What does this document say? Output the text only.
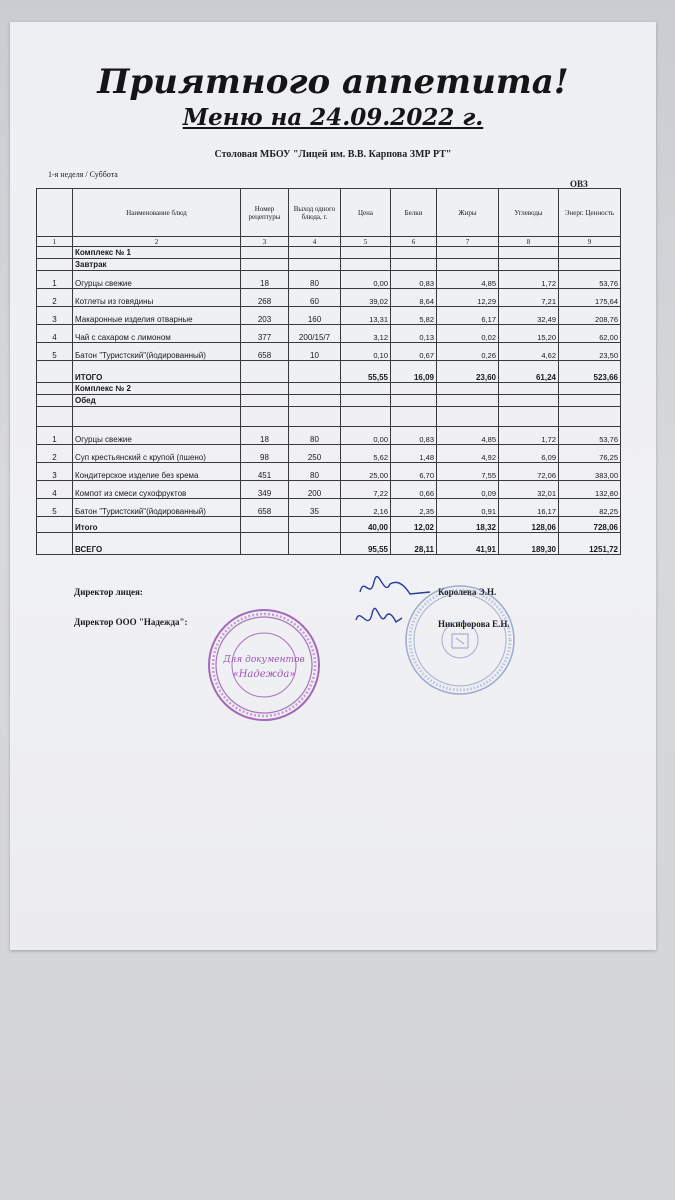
Приятного аппетита!
Меню на 24.09.2022 г.
Столовая МБОУ "Лицей им. В.В. Карпова ЗМР РТ"
1-я неделя / Суббота
ОВЗ
	Наименование блюд	Номер рецептуры	Выход одного блюда, г.	Цена	Белки	Жиры	Углеводы	Энерг. Ценность
1	2	3	4	5	6	7	8	9
	Комплекс № 1							
	Завтрак							
1	Огурцы свежие	18	80	0,00	0,83	4,85	1,72	53,76
2	Котлеты из говядины	268	60	39,02	8,64	12,29	7,21	175,64
3	Макаронные изделия отварные	203	160	13,31	5,82	6,17	32,49	208,76
4	Чай с сахаром с лимоном	377	200/15/7	3,12	0,13	0,02	15,20	62,00
5	Батон "Туристский"(йодированный)	658	10	0,10	0,67	0,26	4,62	23,50
	ИТОГО			55,55	16,09	23,60	61,24	523,66
	Комплекс № 2							
	Обед							

1	Огурцы свежие	18	80	0,00	0,83	4,85	1,72	53,76
2	Суп крестьянский с крупой (пшено)	98	250	5,62	1,48	4,92	6,09	76,25
3	Кондитерское изделие без крема	451	80	25,00	6,70	7,55	72,06	383,00
4	Компот из смеси сухофруктов	349	200	7,22	0,66	0,09	32,01	132,80
5	Батон "Туристский"(йодированный)	658	35	2,16	2,35	0,91	16,17	82,25
	Итого			40,00	12,02	18,32	128,06	728,06
	ВСЕГО			95,55	28,11	41,91	189,30	1251,72
Директор лицея:
Директор ООО "Надежда":
Королева Э.Н.
Никифорова Е.Н.
Для документов
«Надежда»
